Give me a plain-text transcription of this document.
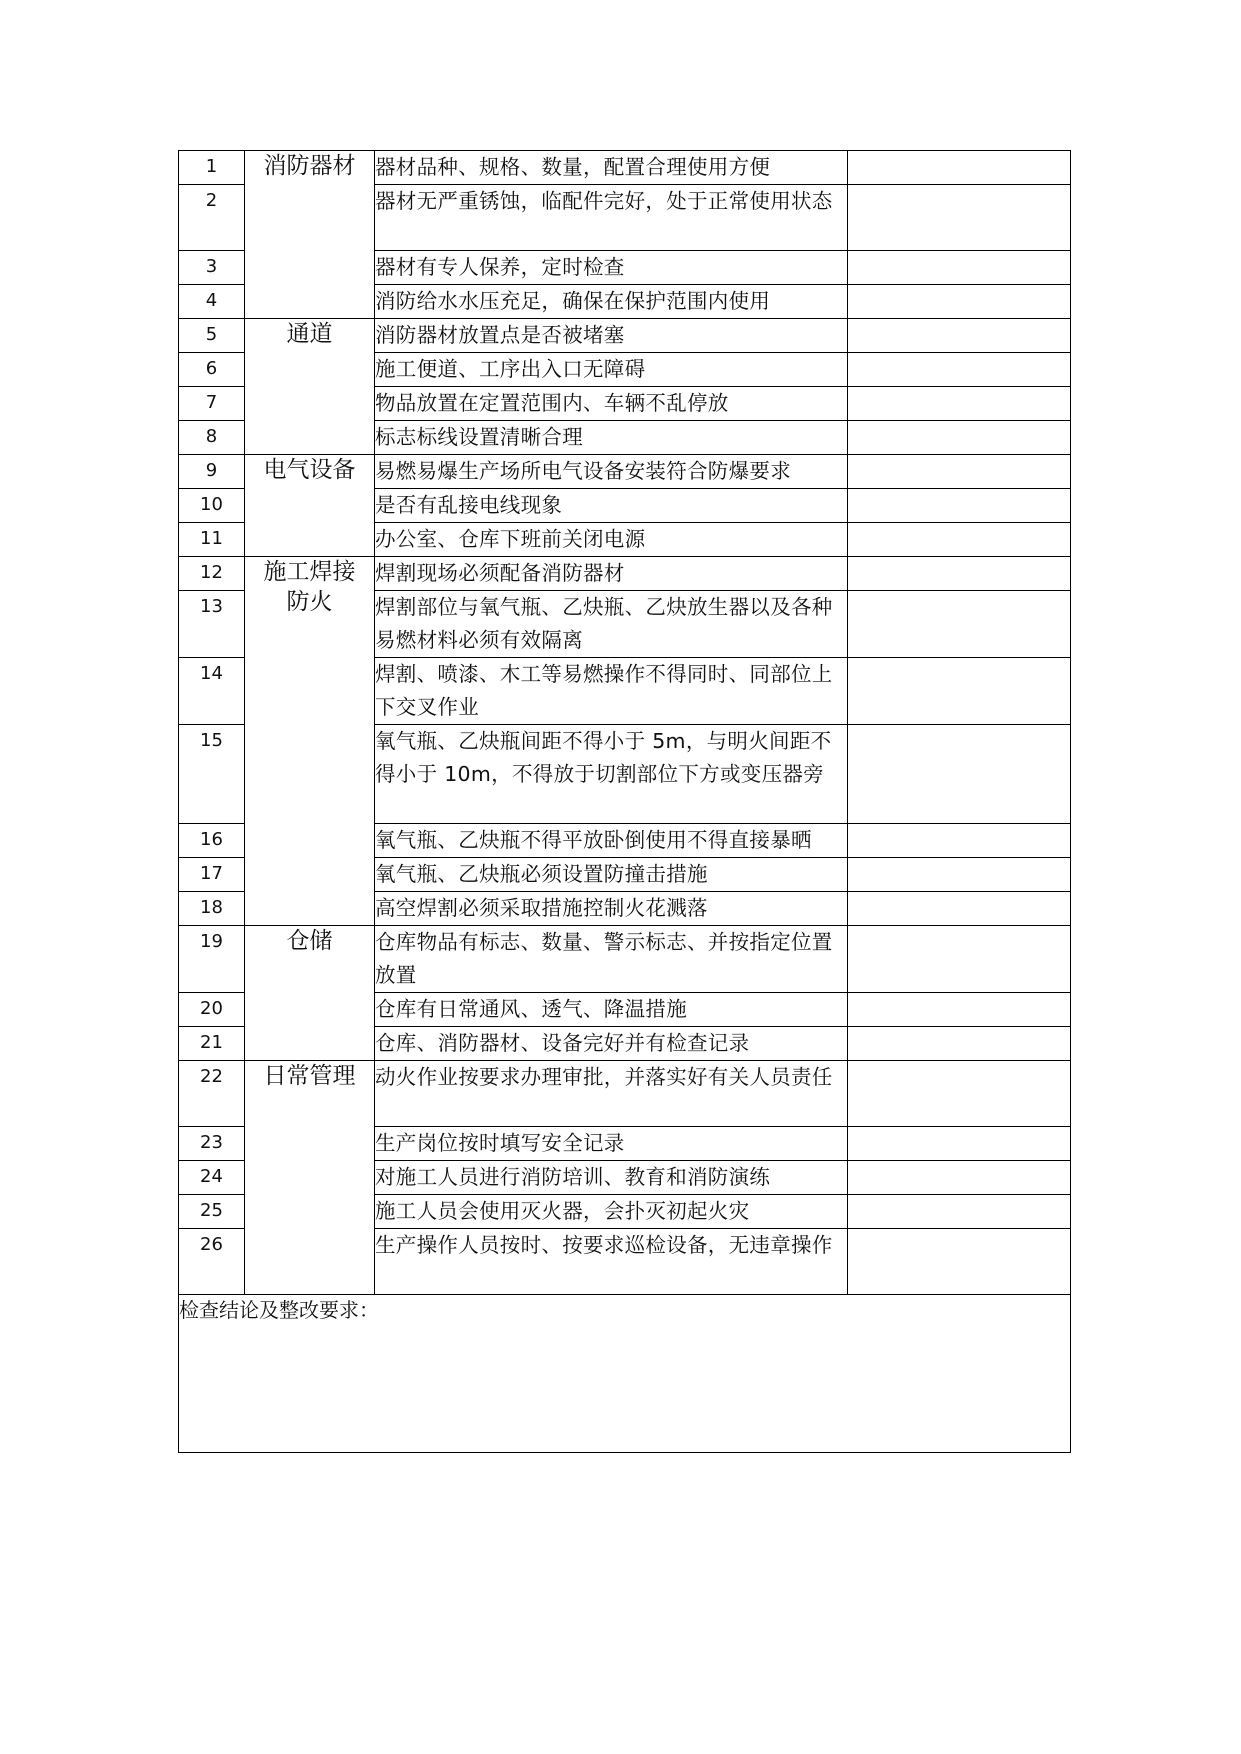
1	消防器材	器材品种、规格、数量，配置合理使用方便	
2		器材无严重锈蚀，临配件完好，处于正常使用状态	
3		器材有专人保养，定时检查	
4		消防给水水压充足，确保在保护范围内使用	
5	通道	消防器材放置点是否被堵塞	
6		施工便道、工序出入口无障碍	
7		物品放置在定置范围内、车辆不乱停放	
8		标志标线设置清晰合理	
9	电气设备	易燃易爆生产场所电气设备安装符合防爆要求	
10		是否有乱接电线现象	
11		办公室、仓库下班前关闭电源	
12	施工焊接防火	焊割现场必须配备消防器材	
13		焊割部位与氧气瓶、乙炔瓶、乙炔放生器以及各种易燃材料必须有效隔离	
14		焊割、喷漆、木工等易燃操作不得同时、同部位上下交叉作业	
15		氧气瓶、乙炔瓶间距不得小于 5m，与明火间距不得小于 10m，不得放于切割部位下方或变压器旁	
16		氧气瓶、乙炔瓶不得平放卧倒使用不得直接暴晒	
17		氧气瓶、乙炔瓶必须设置防撞击措施	
18		高空焊割必须采取措施控制火花溅落	
19	仓储	仓库物品有标志、数量、警示标志、并按指定位置放置	
20		仓库有日常通风、透气、降温措施	
21		仓库、消防器材、设备完好并有检查记录	
22	日常管理	动火作业按要求办理审批，并落实好有关人员责任	
23		生产岗位按时填写安全记录	
24		对施工人员进行消防培训、教育和消防演练	
25		施工人员会使用灭火器，会扑灭初起火灾	
26		生产操作人员按时、按要求巡检设备，无违章操作	
检查结论及整改要求：			
